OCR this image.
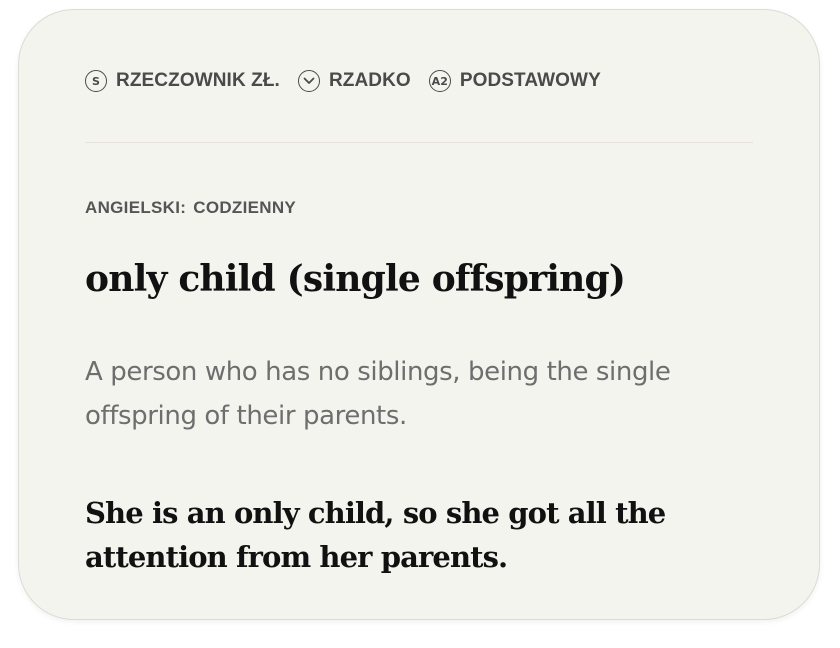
S RZECZOWNIK ZŁ.	RZADKO A2 PODSTAWOWY
ANGIELSKI: CODZIENNY
only child (single offspring)
A person who has no siblings, being the single offspring of their parents.
She is an only child, so she got all the attention from her parents.
